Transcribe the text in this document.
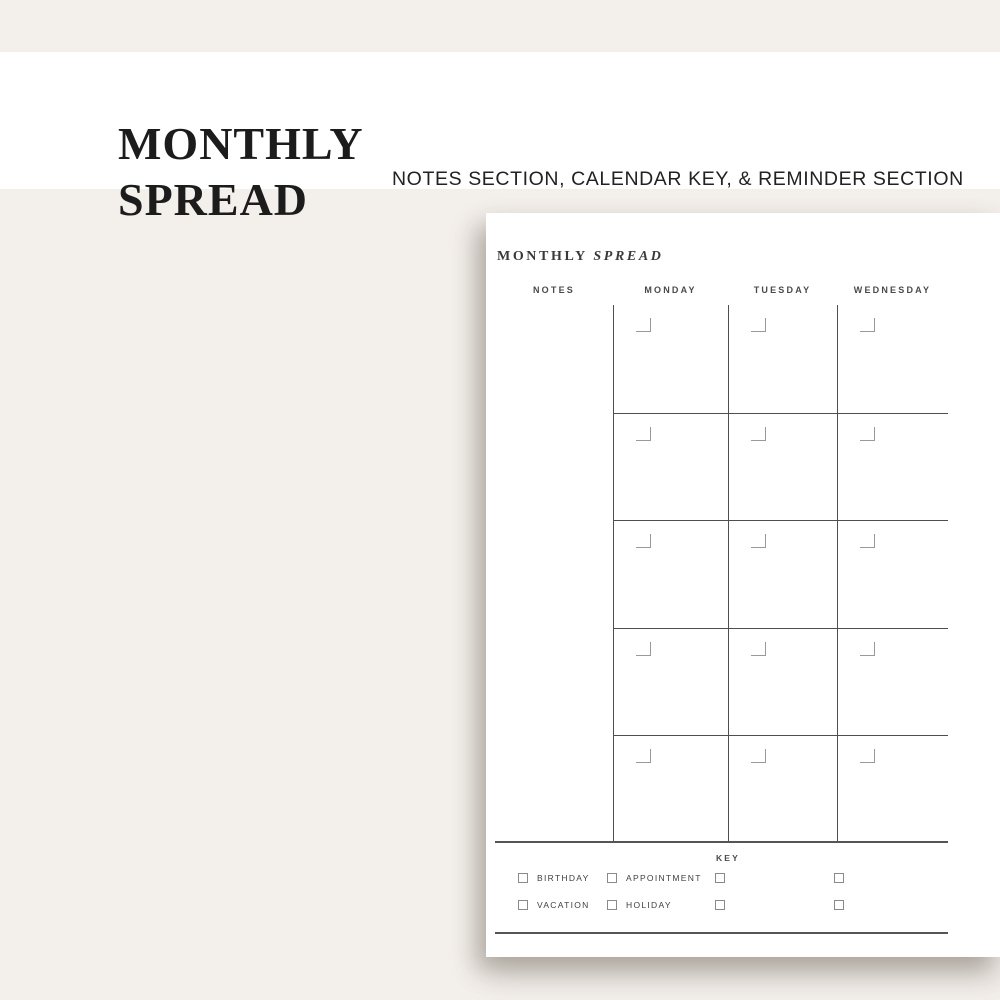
MONTHLY
SPREAD	NOTES SECTION, CALENDAR KEY, & REMINDER SECTION
MONTHLY SPREAD
NOTES	MONDAY	TUESDAY	WEDNESDAY
KEY
BIRTHDAY	APPOINTMENT
VACATION	HOLIDAY
